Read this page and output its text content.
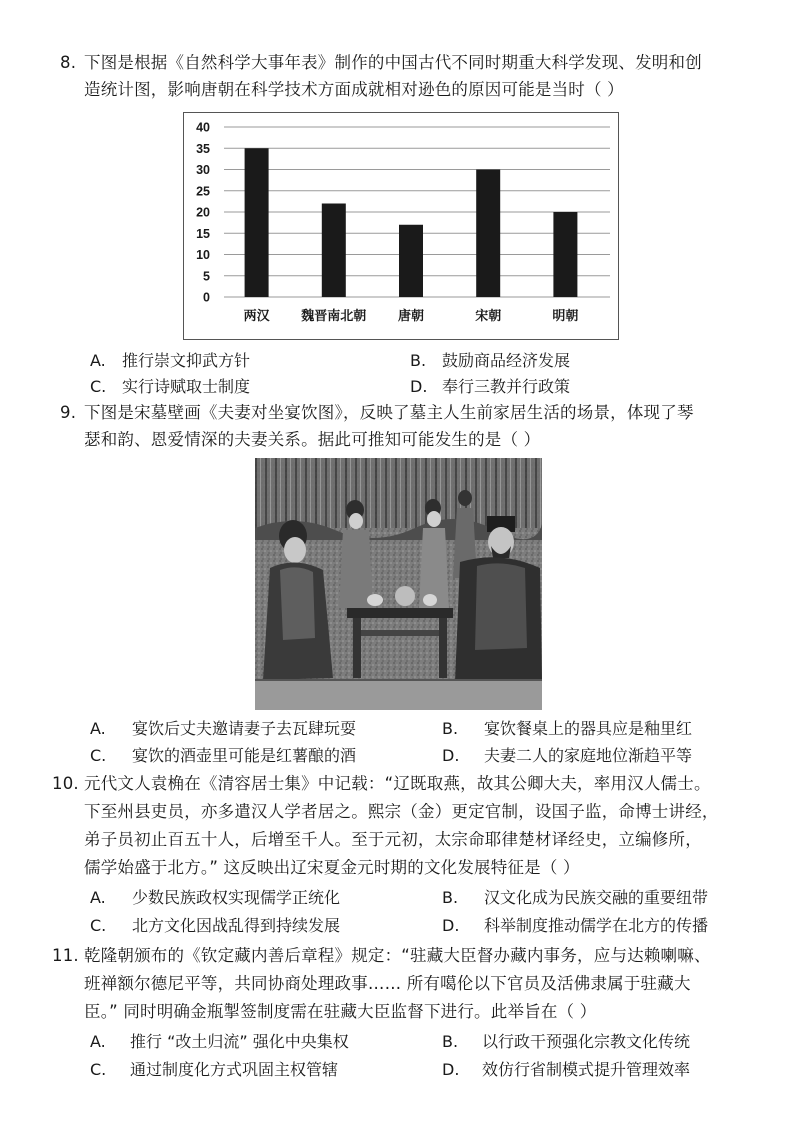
8. 下图是根据《自然科学大事年表》制作的中国古代不同时期重大科学发现、发明和创
造统计图，影响唐朝在科学技术方面成就相对逊色的原因可能是当时（ ）
0
5
10
15
20
25
30
35
40
两汉 魏晋南北朝 唐朝	宋朝	明朝
A. 推行崇文抑武方针	B. 鼓励商品经济发展
C. 实行诗赋取士制度	D. 奉行三教并行政策
9. 下图是宋墓壁画《夫妻对坐宴饮图》，反映了墓主人生前家居生活的场景，体现了琴
瑟和韵、恩爱情深的夫妻关系。据此可推知可能发生的是（ ）
A. 宴饮后丈夫邀请妻子去瓦肆玩耍	B. 宴饮餐桌上的器具应是釉里红
C. 宴饮的酒壶里可能是红薯酿的酒	D. 夫妻二人的家庭地位渐趋平等
10. 元代文人袁桷在《清容居士集》中记载：“辽既取燕，故其公卿大夫，率用汉人儒士。
下至州县吏员，亦多遣汉人学者居之。熙宗（金）更定官制，设国子监，命博士讲经，
弟子员初止百五十人，后增至千人。至于元初，太宗命耶律楚材译经史，立编修所，
儒学始盛于北方。” 这反映出辽宋夏金元时期的文化发展特征是（ ）
A. 少数民族政权实现儒学正统化	B. 汉文化成为民族交融的重要纽带
C. 北方文化因战乱得到持续发展	D. 科举制度推动儒学在北方的传播
11. 乾隆朝颁布的《钦定藏内善后章程》规定：“驻藏大臣督办藏内事务，应与达赖喇嘛、
班禅额尔德尼平等，共同协商处理政事…… 所有噶伦以下官员及活佛隶属于驻藏大
臣。” 同时明确金瓶掣签制度需在驻藏大臣监督下进行。此举旨在（ ）
A. 推行 “改土归流” 强化中央集权	B. 以行政干预强化宗教文化传统
C. 通过制度化方式巩固主权管辖	D. 效仿行省制模式提升管理效率
